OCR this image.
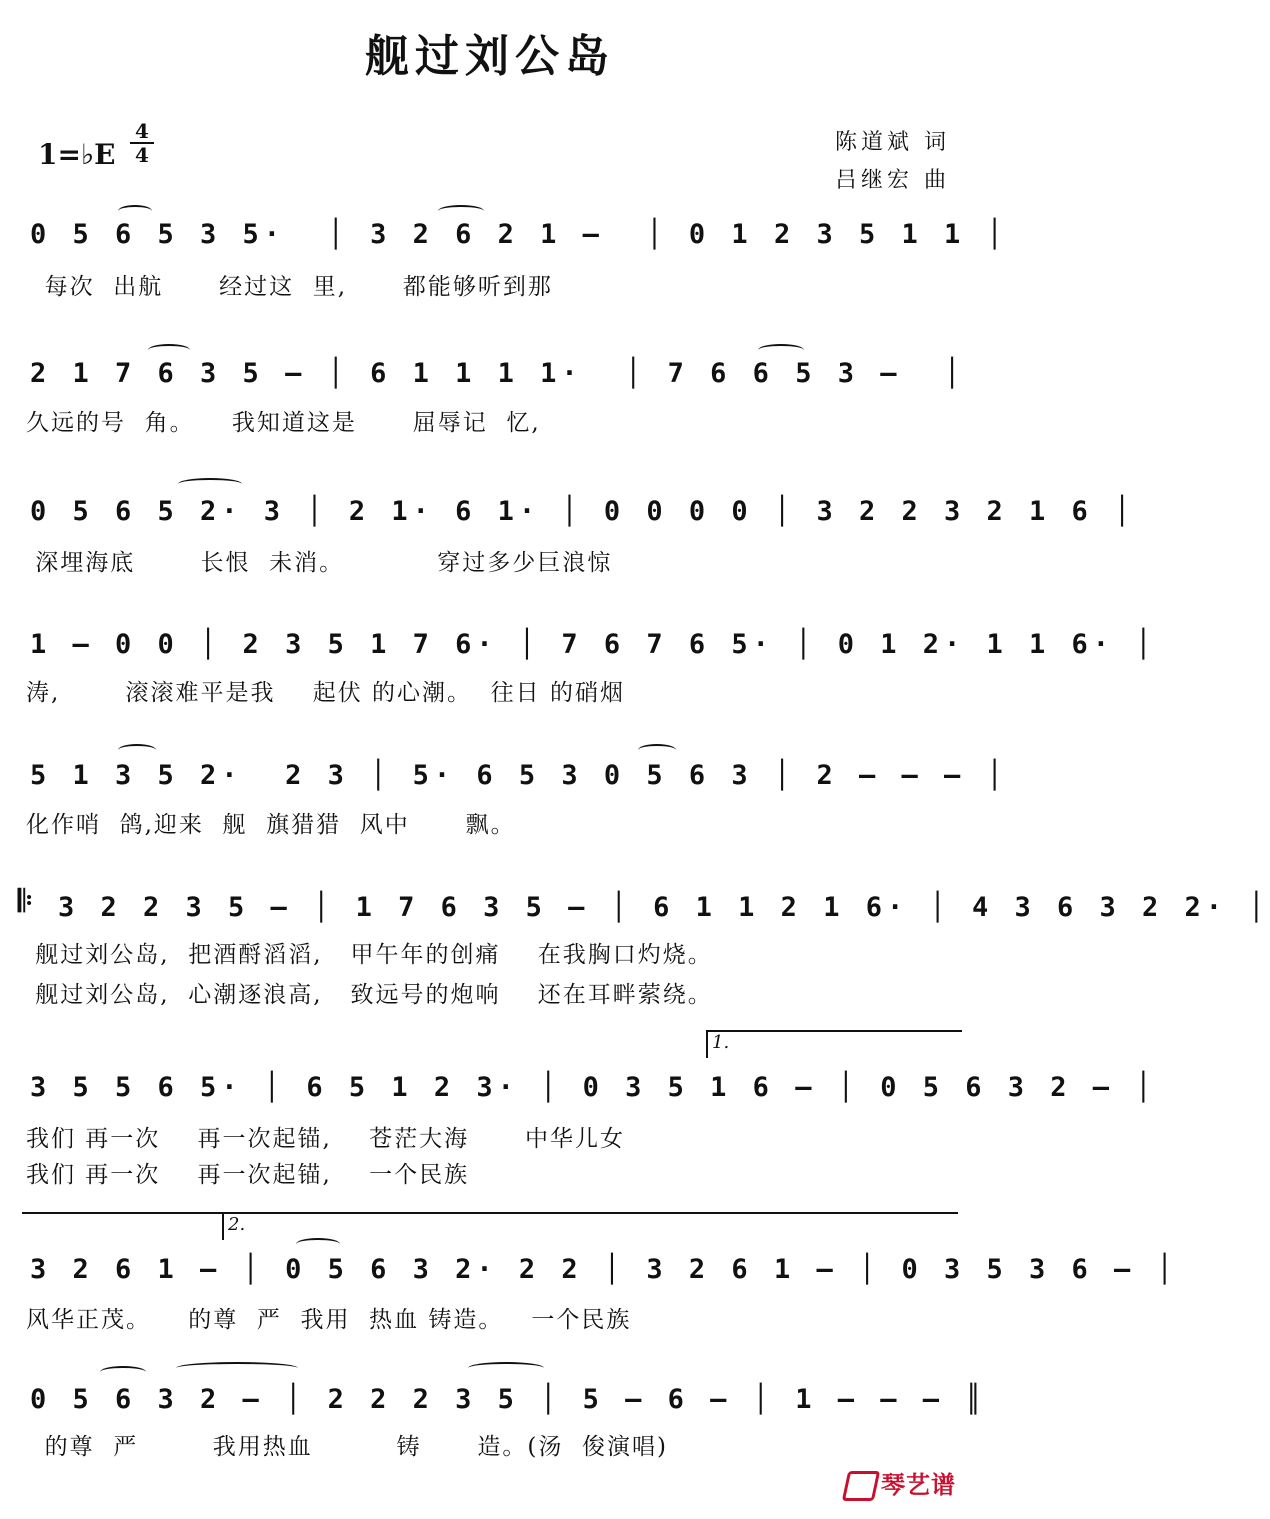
舰过刘公岛
1=♭E $\frac{4}{4}$	陈道斌 词
吕继宏 曲
0 5 6 5 3 5·  │ 3 2 6 2 1 –  │ 0 1 2 3 5 1 1 │
每次  出航      经过这  里,      都能够听到那
2 1 7 6 3 5 – │ 6 1 1 1 1·  │ 7 6 6 5 3 –  │
久远的号  角。    我知道这是      屈辱记  忆,
0 5 6 5 2· 3 │ 2 1· 6 1· │ 0 0 0 0 │ 3 2 2 3 2 1 6 │
深埋海底       长恨  未消。          穿过多少巨浪惊
1 – 0 0 │ 2 3 5 1 7 6· │ 7 6 7 6 5· │ 0 1 2· 1 1 6· │
涛,       滚滚难平是我    起伏 的心潮。  往日 的硝烟
5 1 3 5 2·  2 3 │ 5· 6 5 3 0 5 6 3 │ 2 – – – │
化作哨  鸽,迎来  舰  旗猎猎  风中      飘。
𝄆 3 2 2 3 5 – │ 1 7 6 3 5 – │ 6 1 1 2 1 6· │ 4 3 6 3 2 2· │
舰过刘公岛,  把酒酹滔滔,   甲午年的创痛    在我胸口灼烧。
舰过刘公岛,  心潮逐浪高,   致远号的炮响    还在耳畔萦绕。
1.
3 5 5 6 5· │ 6 5 1 2 3· │ 0 3 5 1 6 – │ 0 5 6 3 2 – │
我们 再一次    再一次起锚,    苍茫大海      中华儿女
我们 再一次    再一次起锚,    一个民族
2.
3 2 6 1 – │ 0 5 6 3 2· 2 2 │ 3 2 6 1 – │ 0 3 5 3 6 – │
风华正茂。    的尊  严  我用  热血 铸造。   一个民族
0 5 6 3 2 – │ 2 2 2 3 5 │ 5 – 6 – │ 1 – – – ║
的尊  严        我用热血         铸      造。(汤  俊演唱)
琴艺谱
